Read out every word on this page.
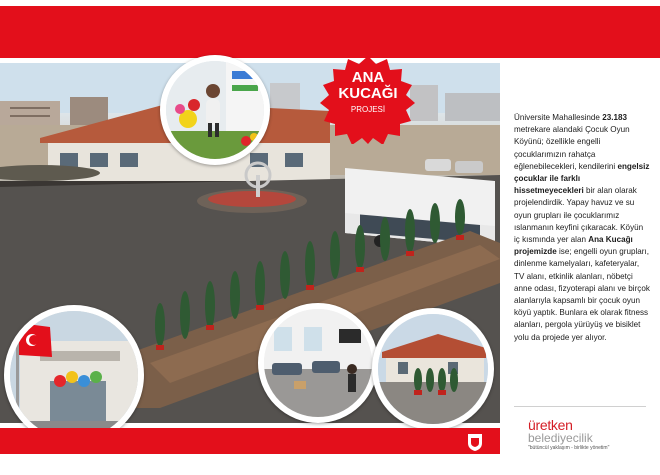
ANA
KUCAĞI
PROJESİ
Üniversite Mahallesinde 23.183 metrekare alandaki Çocuk Oyun Köyünü; özellikle engelli çocuklarımızın rahatça eğlenebilecekleri, kendilerini engelsiz çocuklar ile farklı hissetmeyecekleri bir alan olarak projelendirdik. Yapay havuz ve su oyun grupları ile çocuklarımız ıslanmanın keyfini çıkaracak. Köyün iç kısmında yer alan Ana Kucağı projemizde ise; engelli oyun grupları, dinlenme kamelyaları, kafeteryalar, TV alanı, etkinlik alanları, nöbetçi anne odası, fizyoterapi alanı ve birçok alanlarıyla kapsamlı bir çocuk oyun köyü yaptık. Bunlara ek olarak fitness alanları, pergola yürüyüş ve bisiklet yolu da projede yer alıyor.
üretken
belediyecilik
"bütüncül yaklaşım - birlikte yönetim"
